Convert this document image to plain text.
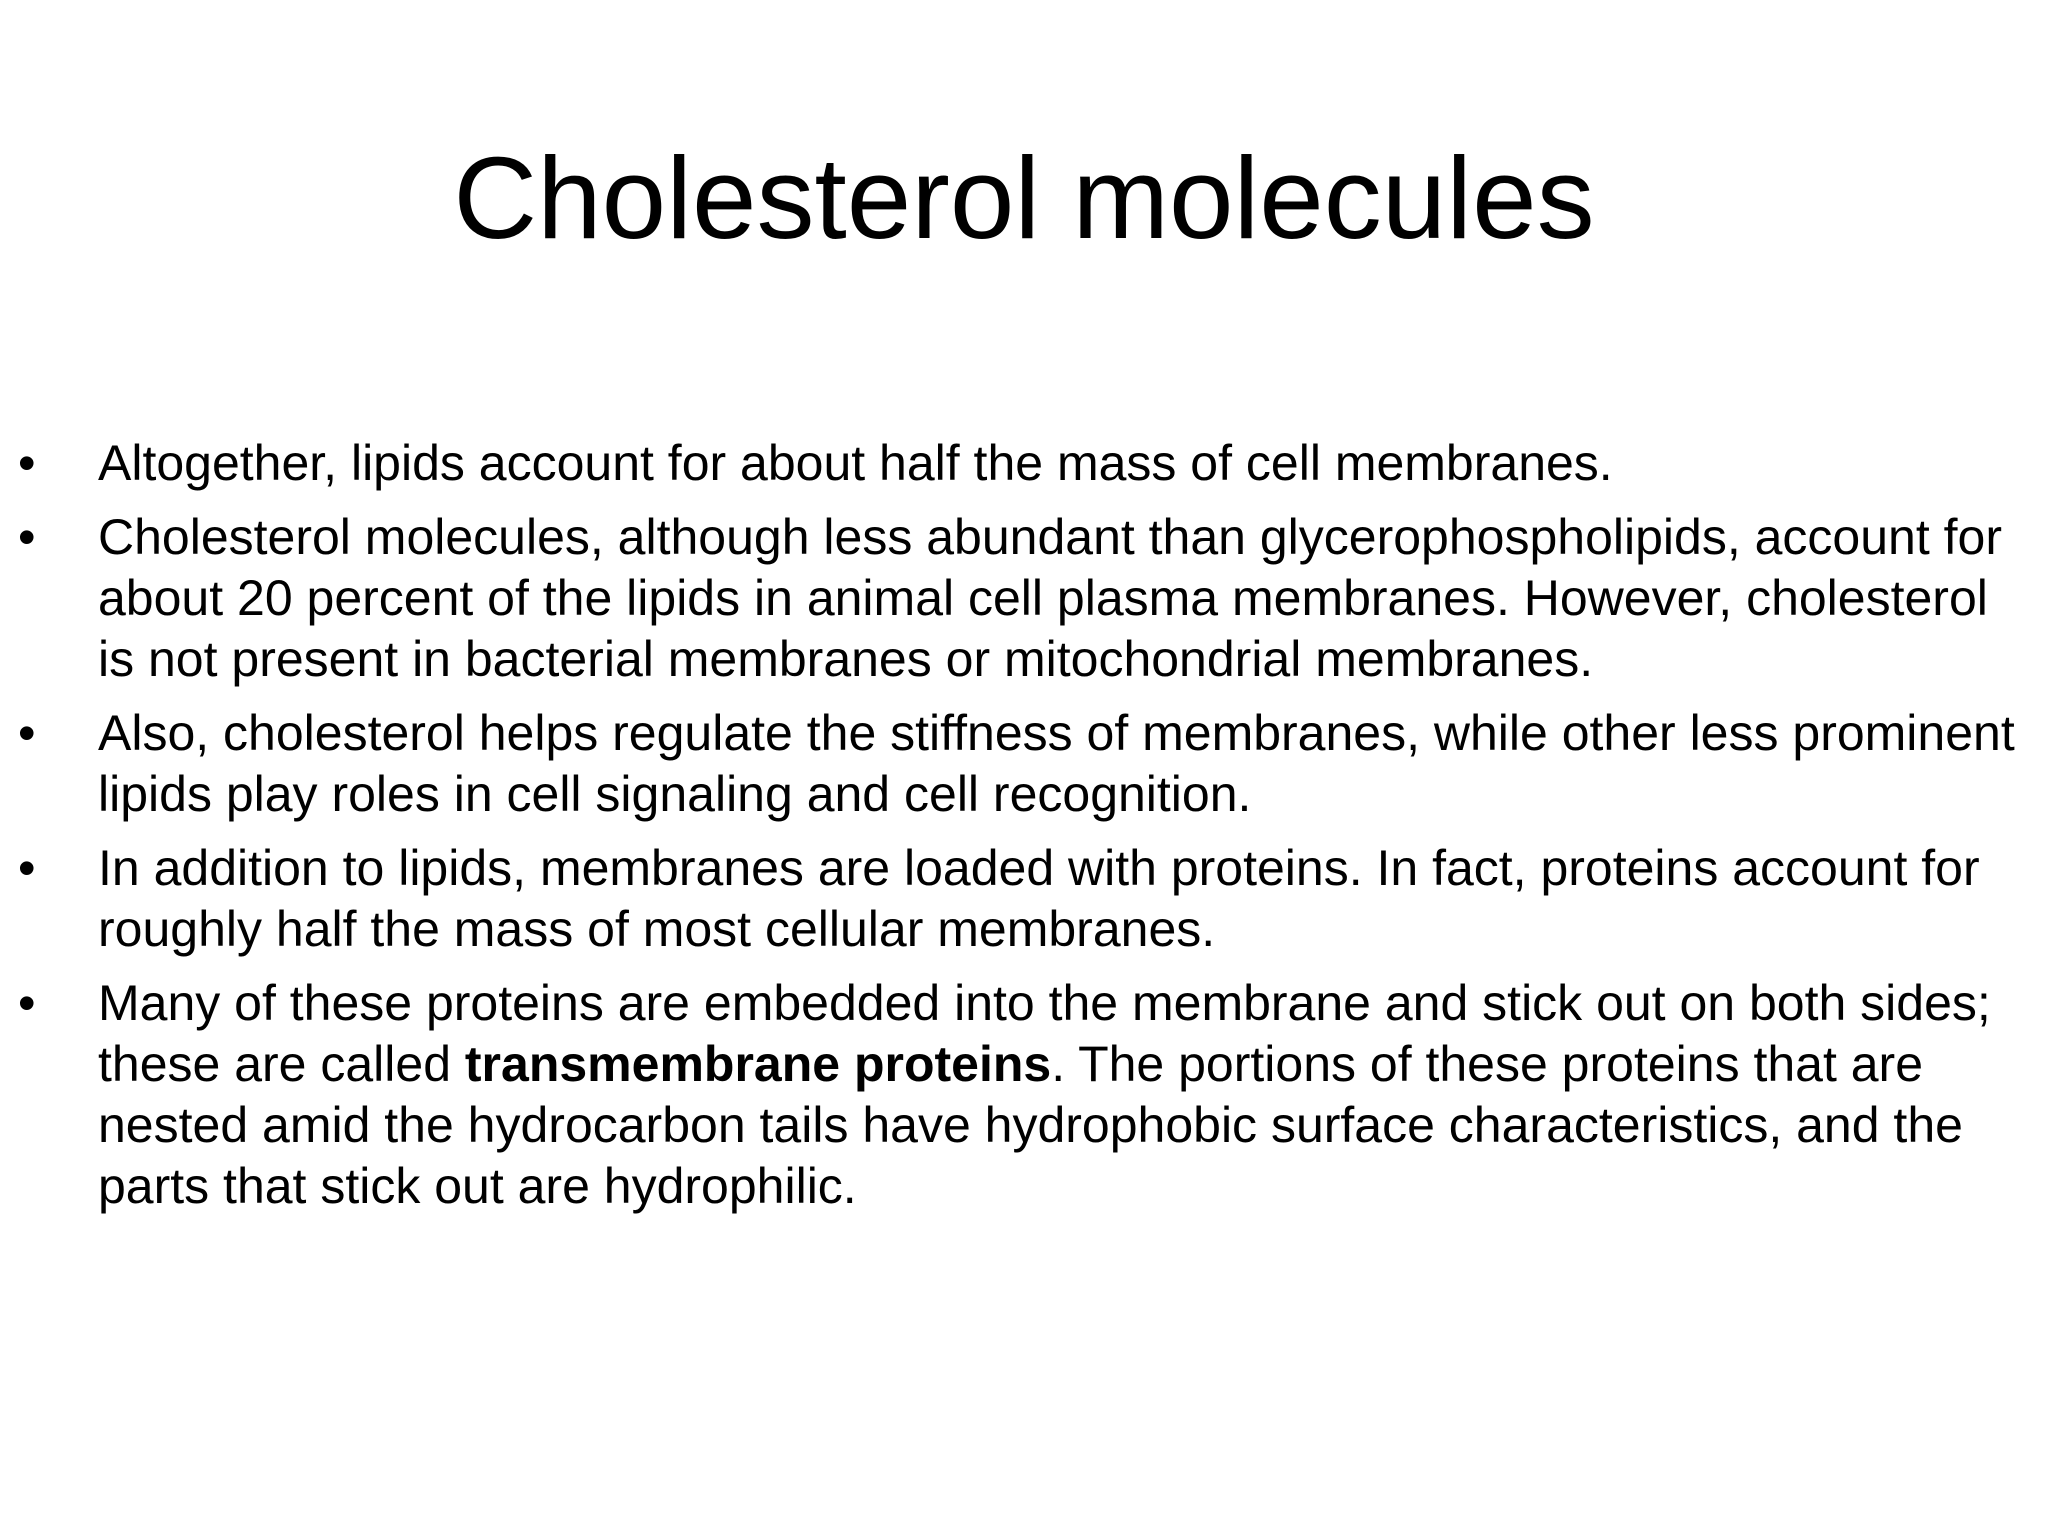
Cholesterol molecules
•	Altogether, lipids account for about half the mass of cell membranes.
•	Cholesterol molecules, although less abundant than glycerophospholipids, account for about 20 percent of the lipids in animal cell plasma membranes. However, cholesterol is not present in bacterial membranes or mitochondrial membranes.
•	Also, cholesterol helps regulate the stiffness of membranes, while other less prominent lipids play roles in cell signaling and cell recognition.
•	In addition to lipids, membranes are loaded with proteins. In fact, proteins account for roughly half the mass of most cellular membranes.
•	Many of these proteins are embedded into the membrane and stick out on both sides; these are called transmembrane proteins. The portions of these proteins that are nested amid the hydrocarbon tails have hydrophobic surface characteristics, and the parts that stick out are hydrophilic.
